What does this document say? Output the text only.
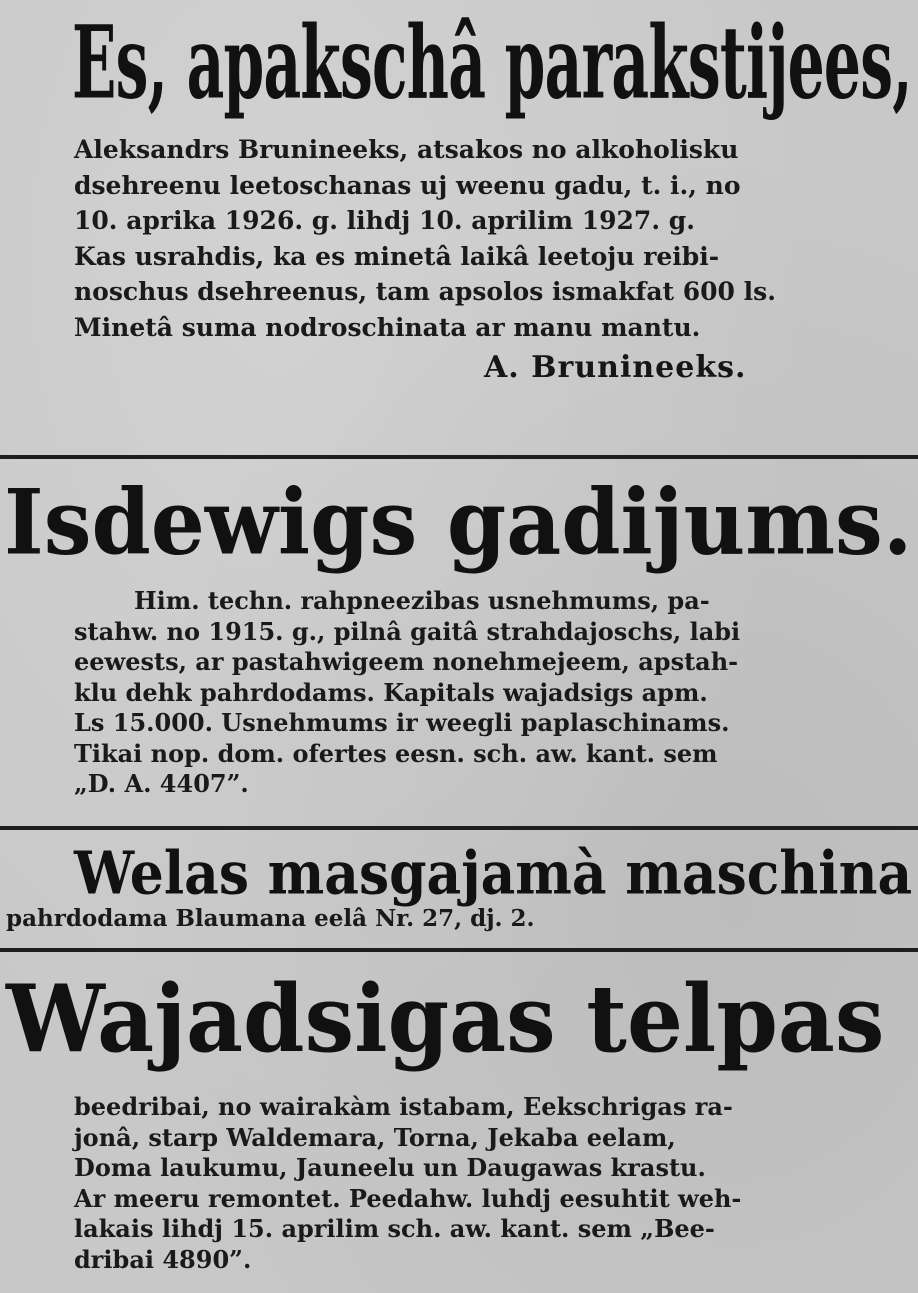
Es, apakschâ parakstijees,
Aleksandrs Brunineeks, atsakos no alkoholisku
dsehreenu leetoschanas uj weenu gadu, t. i., no
10. aprika 1926. g. lihdj 10. aprilim 1927. g.
Kas usrahdis, ka es minetâ laikâ leetoju reibi-
noschus dsehreenus, tam apsolos ismakfat 600 ls.
Minetâ suma nodroschinata ar manu mantu.
A. Brunineeks.
Isdewigs gadijums.
Him. techn. rahpneezibas usnehmums, pa-
stahw. no 1915. g., pilnâ gaitâ strahdajoschs, labi
eewests, ar pastahwigeem nonehmejeem, apstah-
klu dehk pahrdodams. Kapitals wajadsigs apm.
Ls 15.000. Usnehmums ir weegli paplaschinams.
Tikai nop. dom. ofertes eesn. sch. aw. kant. sem
„D. A. 4407”.
Welas masgajamà maschina
pahrdodama Blaumana eelâ Nr. 27, dj. 2.
Wajadsigas telpas
beedribai, no wairakàm istabam, Eekschrigas ra-
jonâ, starp Waldemara, Torna, Jekaba eelam,
Doma laukumu, Jauneelu un Daugawas krastu.
Ar meeru remontet. Peedahw. luhdj eesuhtit weh-
lakais lihdj 15. aprilim sch. aw. kant. sem „Bee-
dribai 4890”.
